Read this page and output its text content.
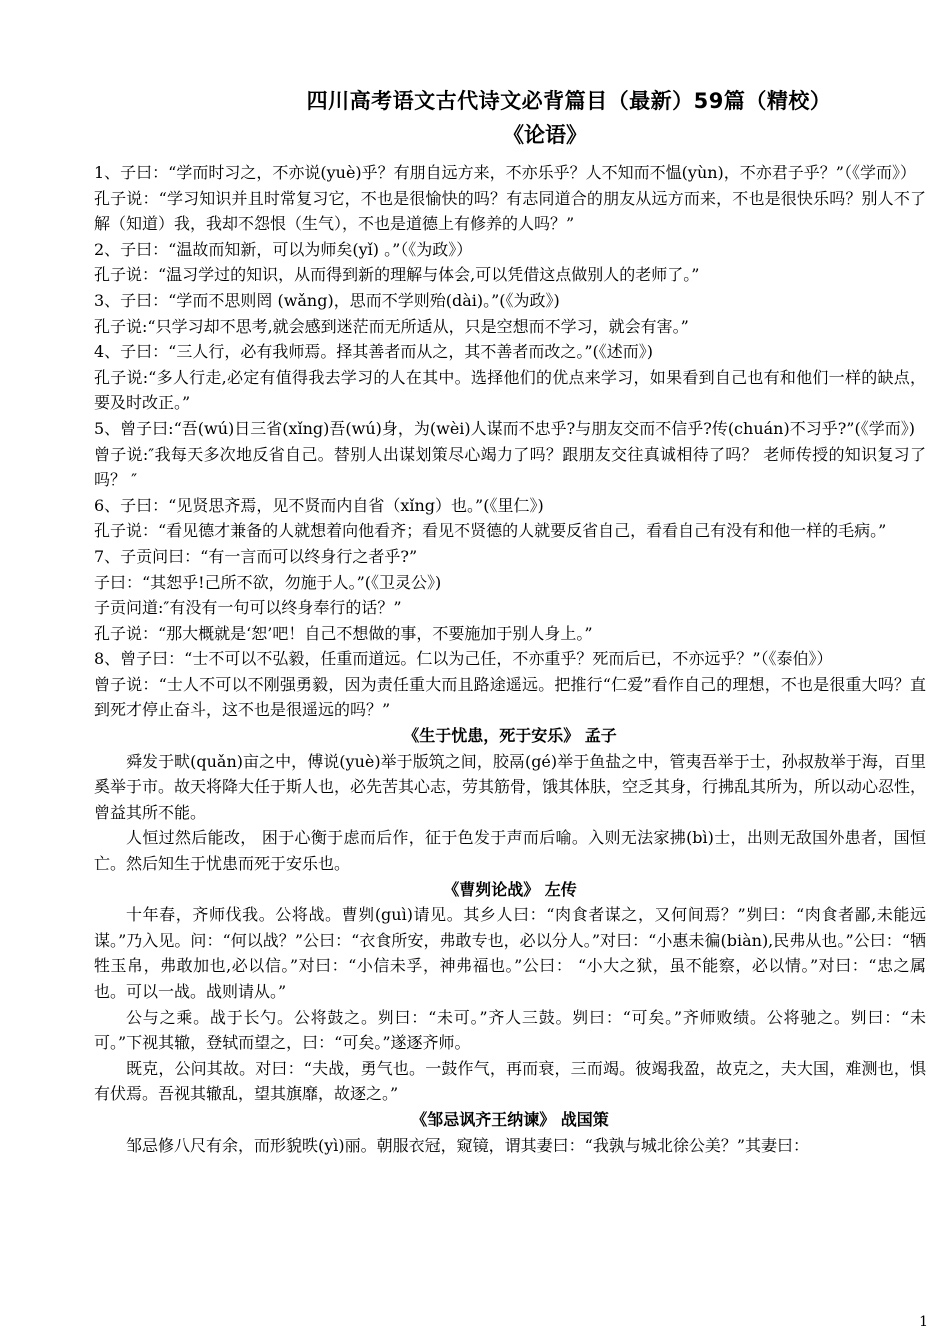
四川高考语文古代诗文必背篇目（最新）59篇（精校）
《论语》

1、子曰：“学而时习之，不亦说(yuè)乎？有朋自远方来，不亦乐乎？人不知而不愠(yùn)，不亦君子乎？”（《学而》）

孔子说：“学习知识并且时常复习它，不也是很愉快的吗？有志同道合的朋友从远方而来，不也是很快乐吗？别人不了解（知道）我，我却不怨恨（生气），不也是道德上有修养的人吗？”

2、子曰：“温故而知新，可以为师矣(yǐ) 。”（《为政》）

孔子说：“温习学过的知识，从而得到新的理解与体会,可以凭借这点做别人的老师了。”

3、子曰：“学而不思则罔 (wǎng)，思而不学则殆(dài)。”(《为政》)

孔子说:“只学习却不思考,就会感到迷茫而无所适从，只是空想而不学习，就会有害。”

4、子曰：“三人行，必有我师焉。择其善者而从之，其不善者而改之。”(《述而》)

孔子说:“多人行走,必定有值得我去学习的人在其中。选择他们的优点来学习，如果看到自己也有和他们一样的缺点，要及时改正。”

5、曾子曰:“吾(wú)日三省(xǐng)吾(wú)身，为(wèi)人谋而不忠乎?与朋友交而不信乎?传(chuán)不习乎?”(《学而》)

曾子说:″我每天多次地反省自己。替别人出谋划策尽心竭力了吗？跟朋友交往真诚相待了吗？ 老师传授的知识复习了吗？ ″

6、子曰：“见贤思齐焉，见不贤而内自省（xǐng）也。”(《里仁》)

孔子说：“看见德才兼备的人就想着向他看齐；看见不贤德的人就要反省自己，看看自己有没有和他一样的毛病。”

7、子贡问曰：“有一言而可以终身行之者乎?”

子曰：“其恕乎!己所不欲，勿施于人。”(《卫灵公》)

子贡问道:″有没有一句可以终身奉行的话？”

孔子说：“那大概就是‘恕’吧！自己不想做的事，不要施加于别人身上。”

8、曾子曰：“士不可以不弘毅，任重而道远。仁以为己任，不亦重乎？死而后已，不亦远乎？”（《泰伯》）

曾子说：“士人不可以不刚强勇毅，因为责任重大而且路途遥远。把推行“仁爱”看作自己的理想，不也是很重大吗？直到死才停止奋斗，这不也是很遥远的吗？”

《生于忧患，死于安乐》 孟子

舜发于畎(quǎn)亩之中，傅说(yuè)举于版筑之间，胶鬲(gé)举于鱼盐之中，管夷吾举于士，孙叔敖举于海，百里奚举于市。故天将降大任于斯人也，必先苦其心志，劳其筋骨，饿其体肤，空乏其身，行拂乱其所为，所以动心忍性，曾益其所不能。

人恒过然后能改， 困于心衡于虑而后作，征于色发于声而后喻。入则无法家拂(bì)士，出则无敌国外患者，国恒亡。然后知生于忧患而死于安乐也。

《曹刿论战》 左传

十年春，齐师伐我。公将战。曹刿(guì)请见。其乡人曰：“肉食者谋之，又何间焉？”刿曰：“肉食者鄙,未能远谋。”乃入见。问：“何以战？”公曰：“衣食所安，弗敢专也，必以分人。”对曰：“小惠未徧(biàn),民弗从也。”公曰：“牺牲玉帛，弗敢加也,必以信。”对曰：“小信未孚，神弗福也。”公曰： “小大之狱，虽不能察，必以情。”对曰：“忠之属也。可以一战。战则请从。”

公与之乘。战于长勺。公将鼓之。刿曰：“未可。”齐人三鼓。刿曰：“可矣。”齐师败绩。公将驰之。刿曰：“未可。”下视其辙，登轼而望之，曰：“可矣。”遂逐齐师。

既克，公问其故。对曰：“夫战，勇气也。一鼓作气，再而衰，三而竭。彼竭我盈，故克之，夫大国，难测也，惧有伏焉。吾视其辙乱，望其旗靡，故逐之。”

《邹忌讽齐王纳谏》 战国策

邹忌修八尺有余，而形貌昳(yì)丽。朝服衣冠，窥镜，谓其妻曰：“我孰与城北徐公美？”其妻曰：

1
